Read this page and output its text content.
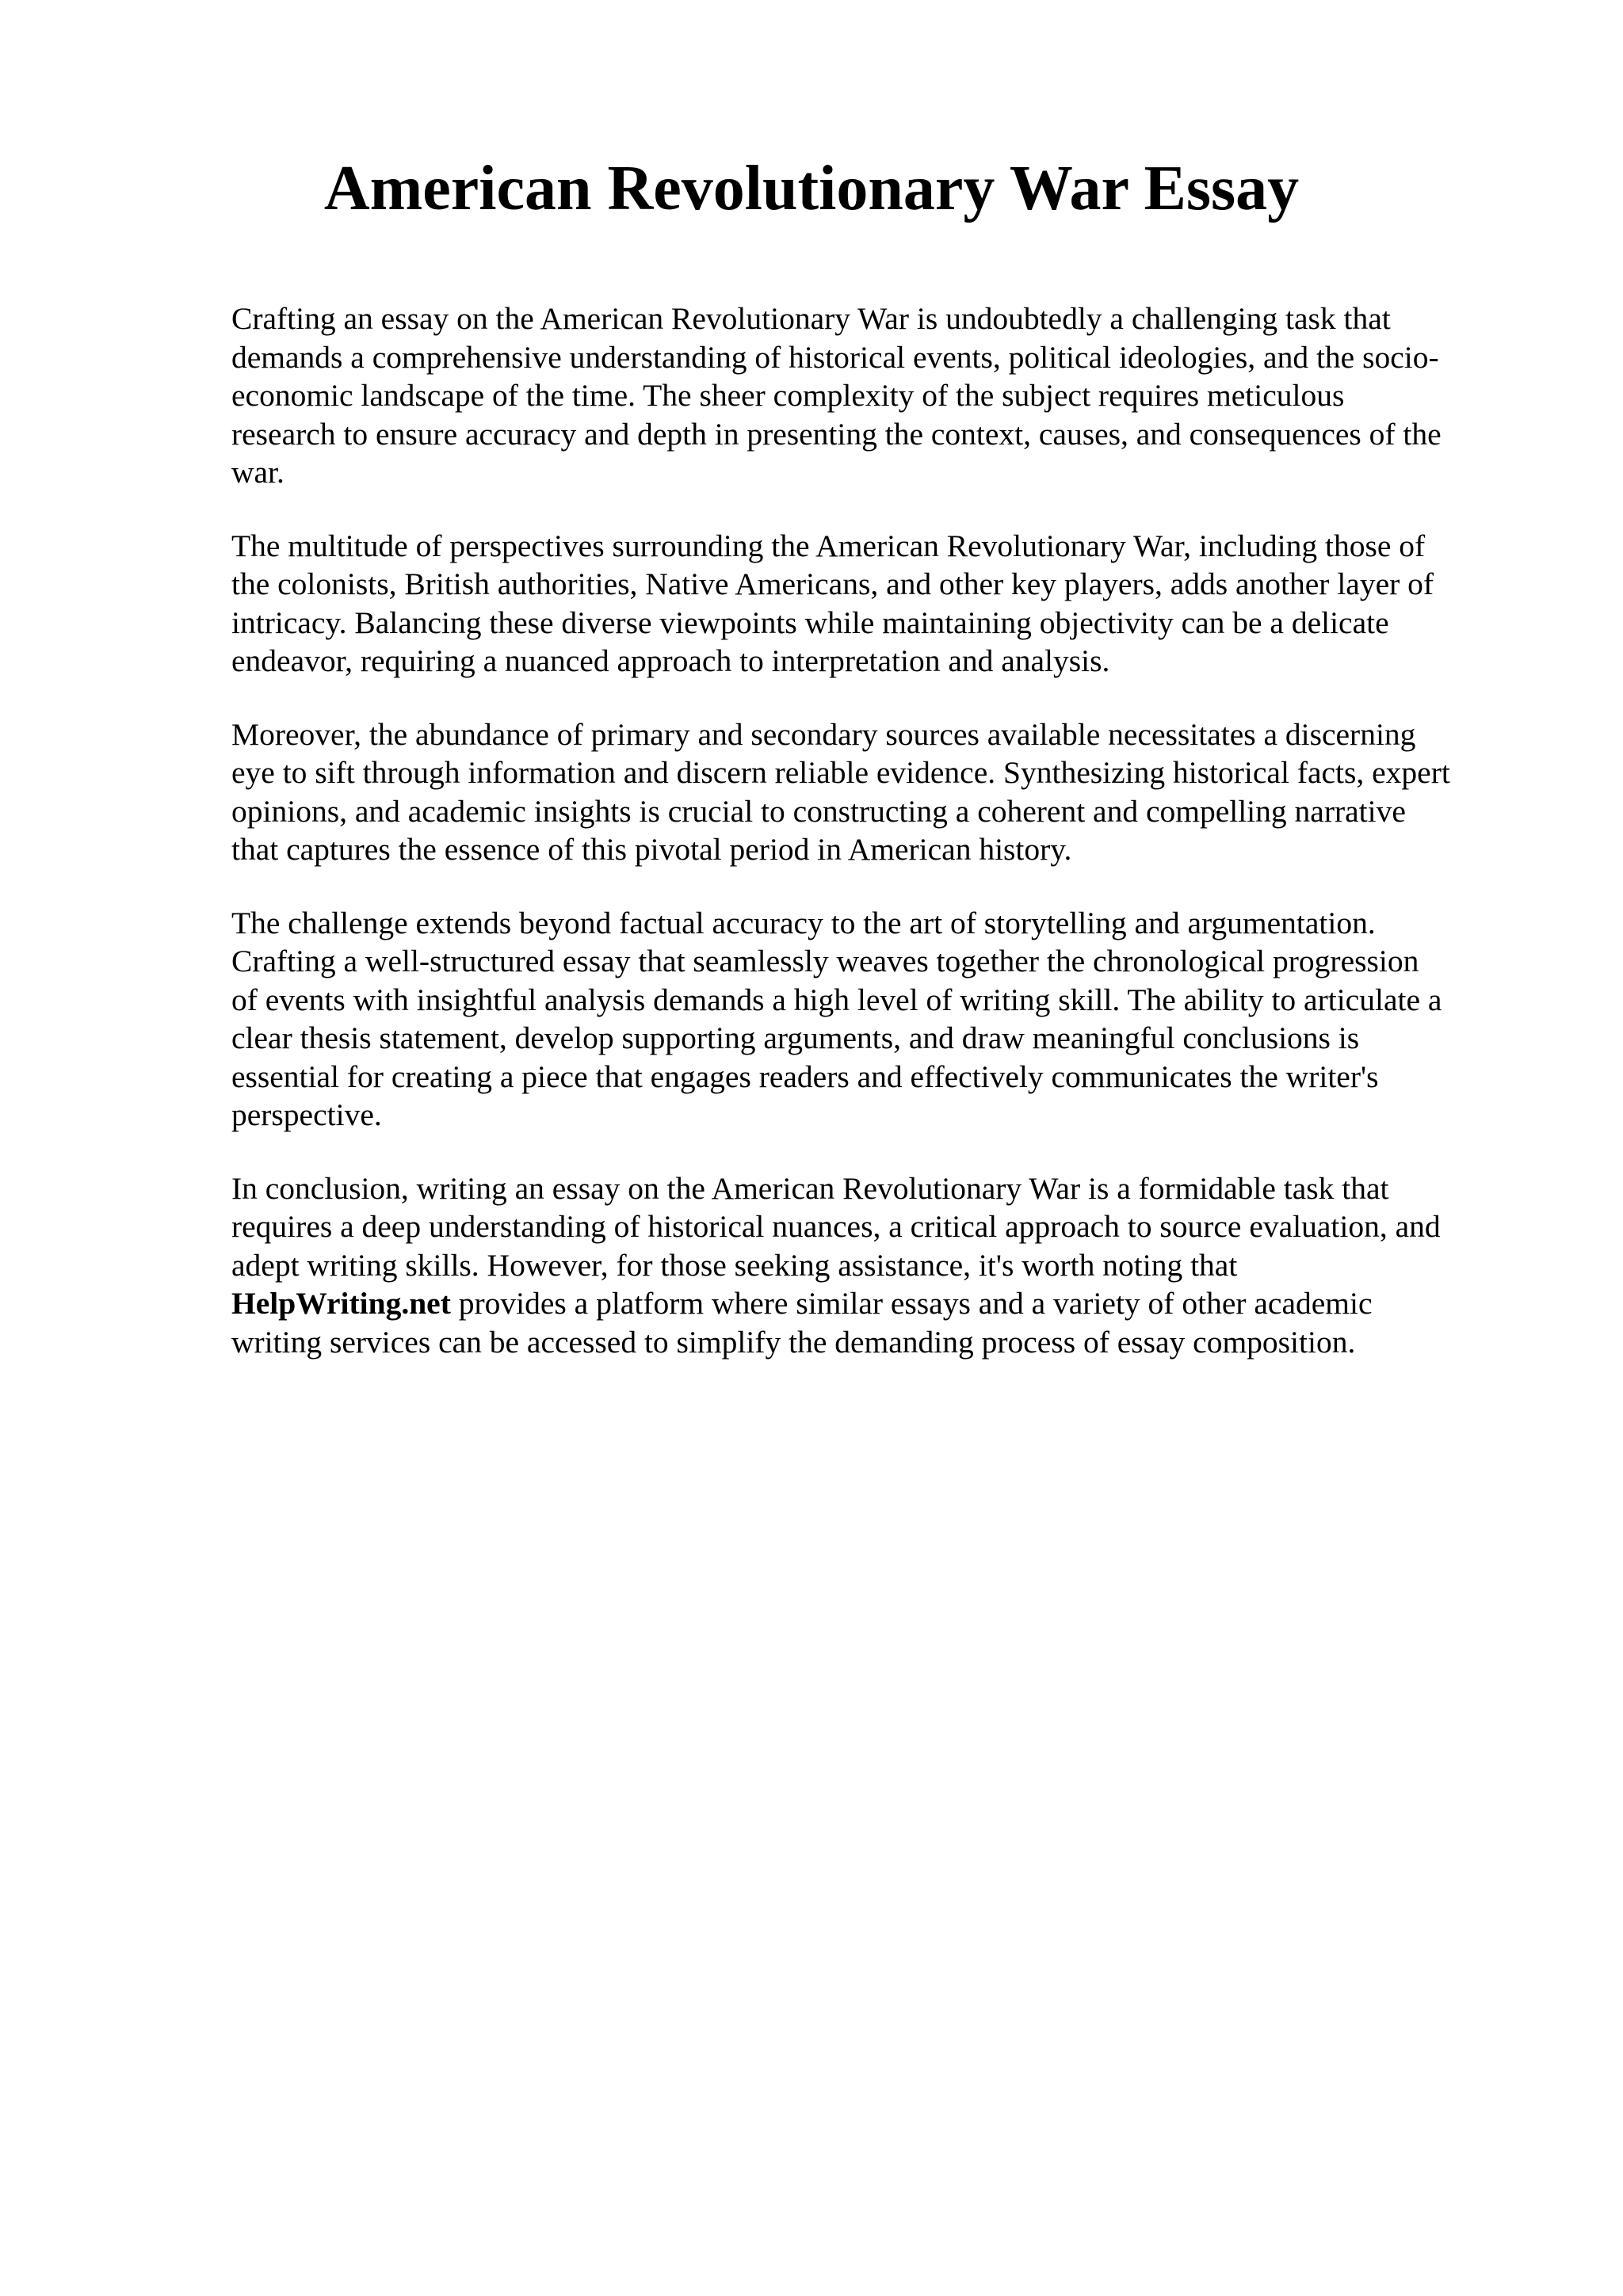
American Revolutionary War Essay

Crafting an essay on the American Revolutionary War is undoubtedly a challenging task that
demands a comprehensive understanding of historical events, political ideologies, and the socio-
economic landscape of the time. The sheer complexity of the subject requires meticulous
research to ensure accuracy and depth in presenting the context, causes, and consequences of the
war.

The multitude of perspectives surrounding the American Revolutionary War, including those of
the colonists, British authorities, Native Americans, and other key players, adds another layer of
intricacy. Balancing these diverse viewpoints while maintaining objectivity can be a delicate
endeavor, requiring a nuanced approach to interpretation and analysis.

Moreover, the abundance of primary and secondary sources available necessitates a discerning
eye to sift through information and discern reliable evidence. Synthesizing historical facts, expert
opinions, and academic insights is crucial to constructing a coherent and compelling narrative
that captures the essence of this pivotal period in American history.

The challenge extends beyond factual accuracy to the art of storytelling and argumentation.
Crafting a well-structured essay that seamlessly weaves together the chronological progression
of events with insightful analysis demands a high level of writing skill. The ability to articulate a
clear thesis statement, develop supporting arguments, and draw meaningful conclusions is
essential for creating a piece that engages readers and effectively communicates the writer's
perspective.

In conclusion, writing an essay on the American Revolutionary War is a formidable task that
requires a deep understanding of historical nuances, a critical approach to source evaluation, and
adept writing skills. However, for those seeking assistance, it's worth noting that
HelpWriting.net provides a platform where similar essays and a variety of other academic
writing services can be accessed to simplify the demanding process of essay composition.
